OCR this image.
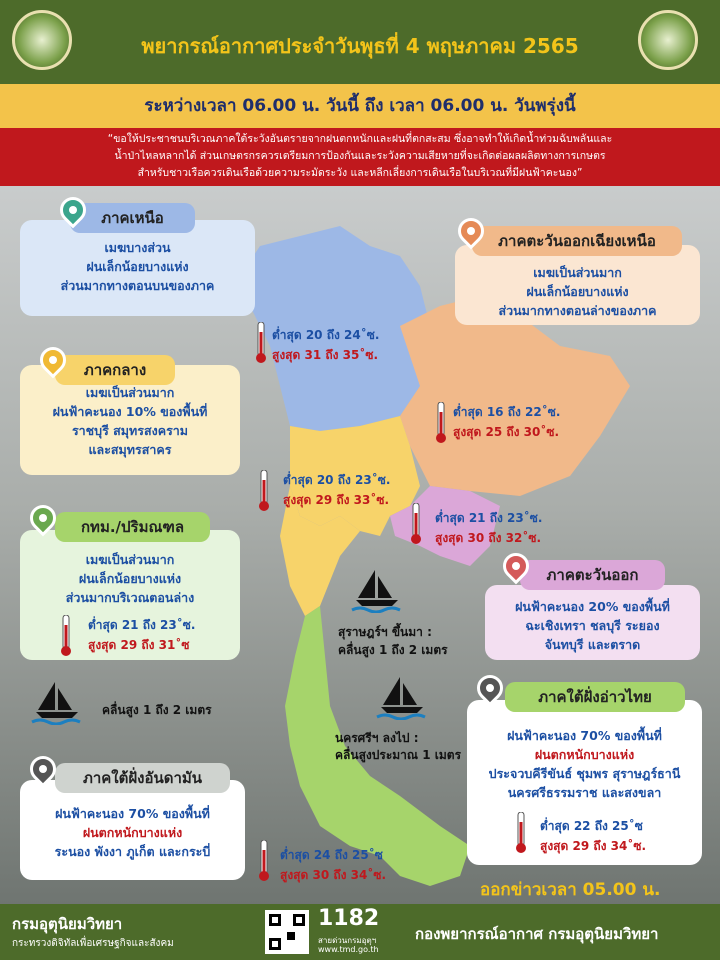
พยากรณ์อากาศประจำวันพุธที่ 4 พฤษภาคม 2565
ระหว่างเวลา 06.00 น. วันนี้ ถึง เวลา 06.00 น. วันพรุ่งนี้
“ขอให้ประชาชนบริเวณภาคใต้ระวังอันตรายจากฝนตกหนักและฝนที่ตกสะสม ซึ่งอาจทำให้เกิดน้ำท่วมฉับพลันและ
น้ำป่าไหลหลากได้ ส่วนเกษตรกรควรเตรียมการป้องกันและระวังความเสียหายที่จะเกิดต่อผลผลิตทางการเกษตร
สำหรับชาวเรือควรเดินเรือด้วยความระมัดระวัง และหลีกเลี่ยงการเดินเรือในบริเวณที่มีฝนฟ้าคะนอง”
เมฆบางส่วน
ฝนเล็กน้อยบางแห่ง
ส่วนมากทางตอนบนของภาค
ภาคเหนือ
ต่ำสุด 20 ถึง 24˚ซ.
สูงสุด 31 ถึง 35˚ซ.
เมฆเป็นส่วนมาก
ฝนเล็กน้อยบางแห่ง
ส่วนมากทางตอนล่างของภาค
ภาคตะวันออกเฉียงเหนือ
ต่ำสุด 16 ถึง 22˚ซ.
สูงสุด 25 ถึง 30˚ซ.
เมฆเป็นส่วนมาก
ฝนฟ้าคะนอง 10% ของพื้นที่
ราชบุรี สมุทรสงคราม
และสมุทรสาคร
ภาคกลาง
ต่ำสุด 20 ถึง 23˚ซ.
สูงสุด 29 ถึง 33˚ซ.
ต่ำสุด 21 ถึง 23˚ซ.
สูงสุด 30 ถึง 32˚ซ.
เมฆเป็นส่วนมาก
ฝนเล็กน้อยบางแห่ง
ส่วนมากบริเวณตอนล่าง
กทม./ปริมณฑล
ต่ำสุด 21 ถึง 23˚ซ.
สูงสุด 29 ถึง 31˚ซ
ฝนฟ้าคะนอง 20% ของพื้นที่
ฉะเชิงเทรา ชลบุรี ระยอง
จันทบุรี และตราด
ภาคตะวันออก
สุราษฎร์ฯ ขึ้นมา :
คลื่นสูง 1 ถึง 2 เมตร
คลื่นสูง 1 ถึง 2 เมตร
นครศรีฯ ลงไป :
คลื่นสูงประมาณ 1 เมตร
ฝนฟ้าคะนอง 70% ของพื้นที่
ฝนตกหนักบางแห่ง
ประจวบคีรีขันธ์ ชุมพร สุราษฎร์ธานี
นครศรีธรรมราช และสงขลา
ภาคใต้ฝั่งอ่าวไทย
ต่ำสุด 22 ถึง 25˚ซ
สูงสุด 29 ถึง 34˚ซ.
ฝนฟ้าคะนอง 70% ของพื้นที่
ฝนตกหนักบางแห่ง
ระนอง พังงา ภูเก็ต และกระบี่
ภาคใต้ฝั่งอันดามัน
ต่ำสุด 24 ถึง 25˚ซ
สูงสุด 30 ถึง 34˚ซ.
ออกข่าวเวลา 05.00 น.
กรมอุตุนิยมวิทยา
กระทรวงดิจิทัลเพื่อเศรษฐกิจและสังคม
1182
สายด่วนกรมอุตุฯ
www.tmd.go.th
กองพยากรณ์อากาศ กรมอุตุนิยมวิทยา
